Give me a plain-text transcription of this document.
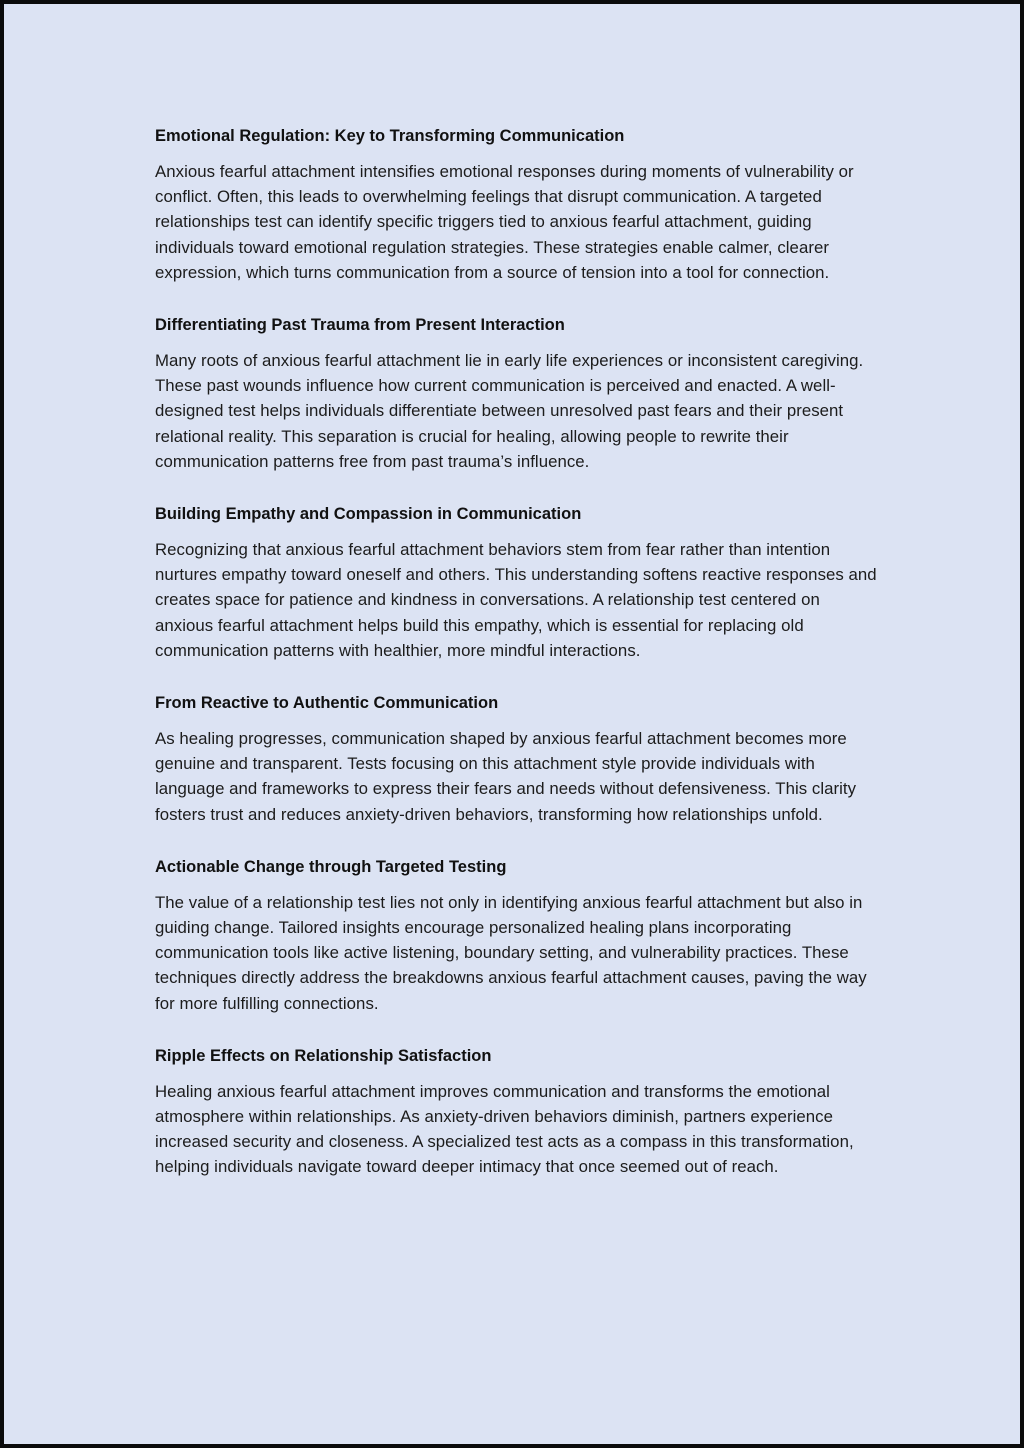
Emotional Regulation: Key to Transforming Communication

Anxious fearful attachment intensifies emotional responses during moments of vulnerability or conflict. Often, this leads to overwhelming feelings that disrupt communication. A targeted relationships test can identify specific triggers tied to anxious fearful attachment, guiding individuals toward emotional regulation strategies. These strategies enable calmer, clearer expression, which turns communication from a source of tension into a tool for connection.

Differentiating Past Trauma from Present Interaction

Many roots of anxious fearful attachment lie in early life experiences or inconsistent caregiving. These past wounds influence how current communication is perceived and enacted. A well-designed test helps individuals differentiate between unresolved past fears and their present relational reality. This separation is crucial for healing, allowing people to rewrite their communication patterns free from past trauma’s influence.

Building Empathy and Compassion in Communication

Recognizing that anxious fearful attachment behaviors stem from fear rather than intention nurtures empathy toward oneself and others. This understanding softens reactive responses and creates space for patience and kindness in conversations. A relationship test centered on anxious fearful attachment helps build this empathy, which is essential for replacing old communication patterns with healthier, more mindful interactions.

From Reactive to Authentic Communication

As healing progresses, communication shaped by anxious fearful attachment becomes more genuine and transparent. Tests focusing on this attachment style provide individuals with language and frameworks to express their fears and needs without defensiveness. This clarity fosters trust and reduces anxiety-driven behaviors, transforming how relationships unfold.

Actionable Change through Targeted Testing

The value of a relationship test lies not only in identifying anxious fearful attachment but also in guiding change. Tailored insights encourage personalized healing plans incorporating communication tools like active listening, boundary setting, and vulnerability practices. These techniques directly address the breakdowns anxious fearful attachment causes, paving the way for more fulfilling connections.

Ripple Effects on Relationship Satisfaction

Healing anxious fearful attachment improves communication and transforms the emotional atmosphere within relationships. As anxiety-driven behaviors diminish, partners experience increased security and closeness. A specialized test acts as a compass in this transformation, helping individuals navigate toward deeper intimacy that once seemed out of reach.
